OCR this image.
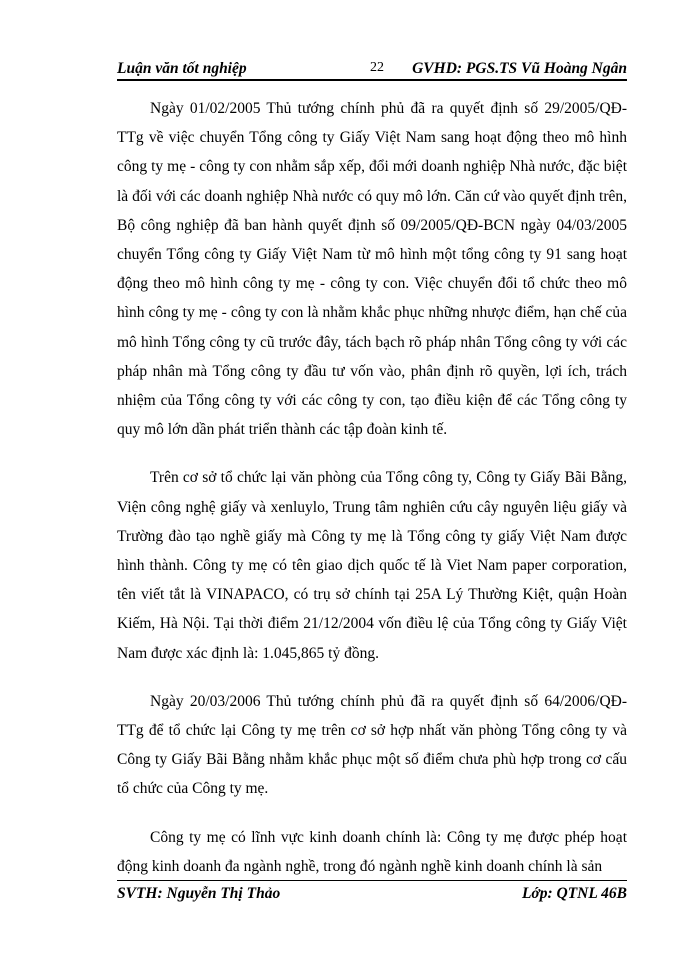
Luận văn tốt nghiệp	22 GVHD: PGS.TS Vũ Hoàng Ngân

Ngày 01/02/2005 Thủ tướng chính phủ đã ra quyết định số 29/2005/QĐ-TTg về việc chuyển Tổng công ty Giấy Việt Nam sang hoạt động theo mô hình công ty mẹ - công ty con nhằm sắp xếp, đổi mới doanh nghiệp Nhà nước, đặc biệt là đối với các doanh nghiệp Nhà nước có quy mô lớn. Căn cứ vào quyết định trên, Bộ công nghiệp đã ban hành quyết định số 09/2005/QĐ-BCN ngày 04/03/2005 chuyển Tổng công ty Giấy Việt Nam từ mô hình một tổng công ty 91 sang hoạt động theo mô hình công ty mẹ - công ty con. Việc chuyển đổi tổ chức theo mô hình công ty mẹ - công ty con là nhằm khắc phục những nhược điểm, hạn chế của mô hình Tổng công ty cũ trước đây, tách bạch rõ pháp nhân Tổng công ty với các pháp nhân mà Tổng công ty đầu tư vốn vào, phân định rõ quyền, lợi ích, trách nhiệm của Tổng công ty với các công ty con, tạo điều kiện để các Tổng công ty quy mô lớn dần phát triển thành các tập đoàn kinh tế.

Trên cơ sở tổ chức lại văn phòng của Tổng công ty, Công ty Giấy Bãi Bằng, Viện công nghệ giấy và xenluylo, Trung tâm nghiên cứu cây nguyên liệu giấy và Trường đào tạo nghề giấy mà Công ty mẹ là Tổng công ty giấy Việt Nam được hình thành. Công ty mẹ có tên giao dịch quốc tế là Viet Nam paper corporation, tên viết tắt là VINAPACO, có trụ sở chính tại 25A Lý Thường Kiệt, quận Hoàn Kiếm, Hà Nội. Tại thời điểm 21/12/2004 vốn điều lệ của Tổng công ty Giấy Việt Nam được xác định là: 1.045,865 tỷ đồng.

Ngày 20/03/2006 Thủ tướng chính phủ đã ra quyết định số 64/2006/QĐ-TTg để tổ chức lại Công ty mẹ trên cơ sở hợp nhất văn phòng Tổng công ty và Công ty Giấy Bãi Bằng nhằm khắc phục một số điểm chưa phù hợp trong cơ cấu tổ chức của Công ty mẹ.

Công ty mẹ có lĩnh vực kinh doanh chính là: Công ty mẹ được phép hoạt động kinh doanh đa ngành nghề, trong đó ngành nghề kinh doanh chính là sản

SVTH: Nguyễn Thị Thảo	Lớp: QTNL 46B
